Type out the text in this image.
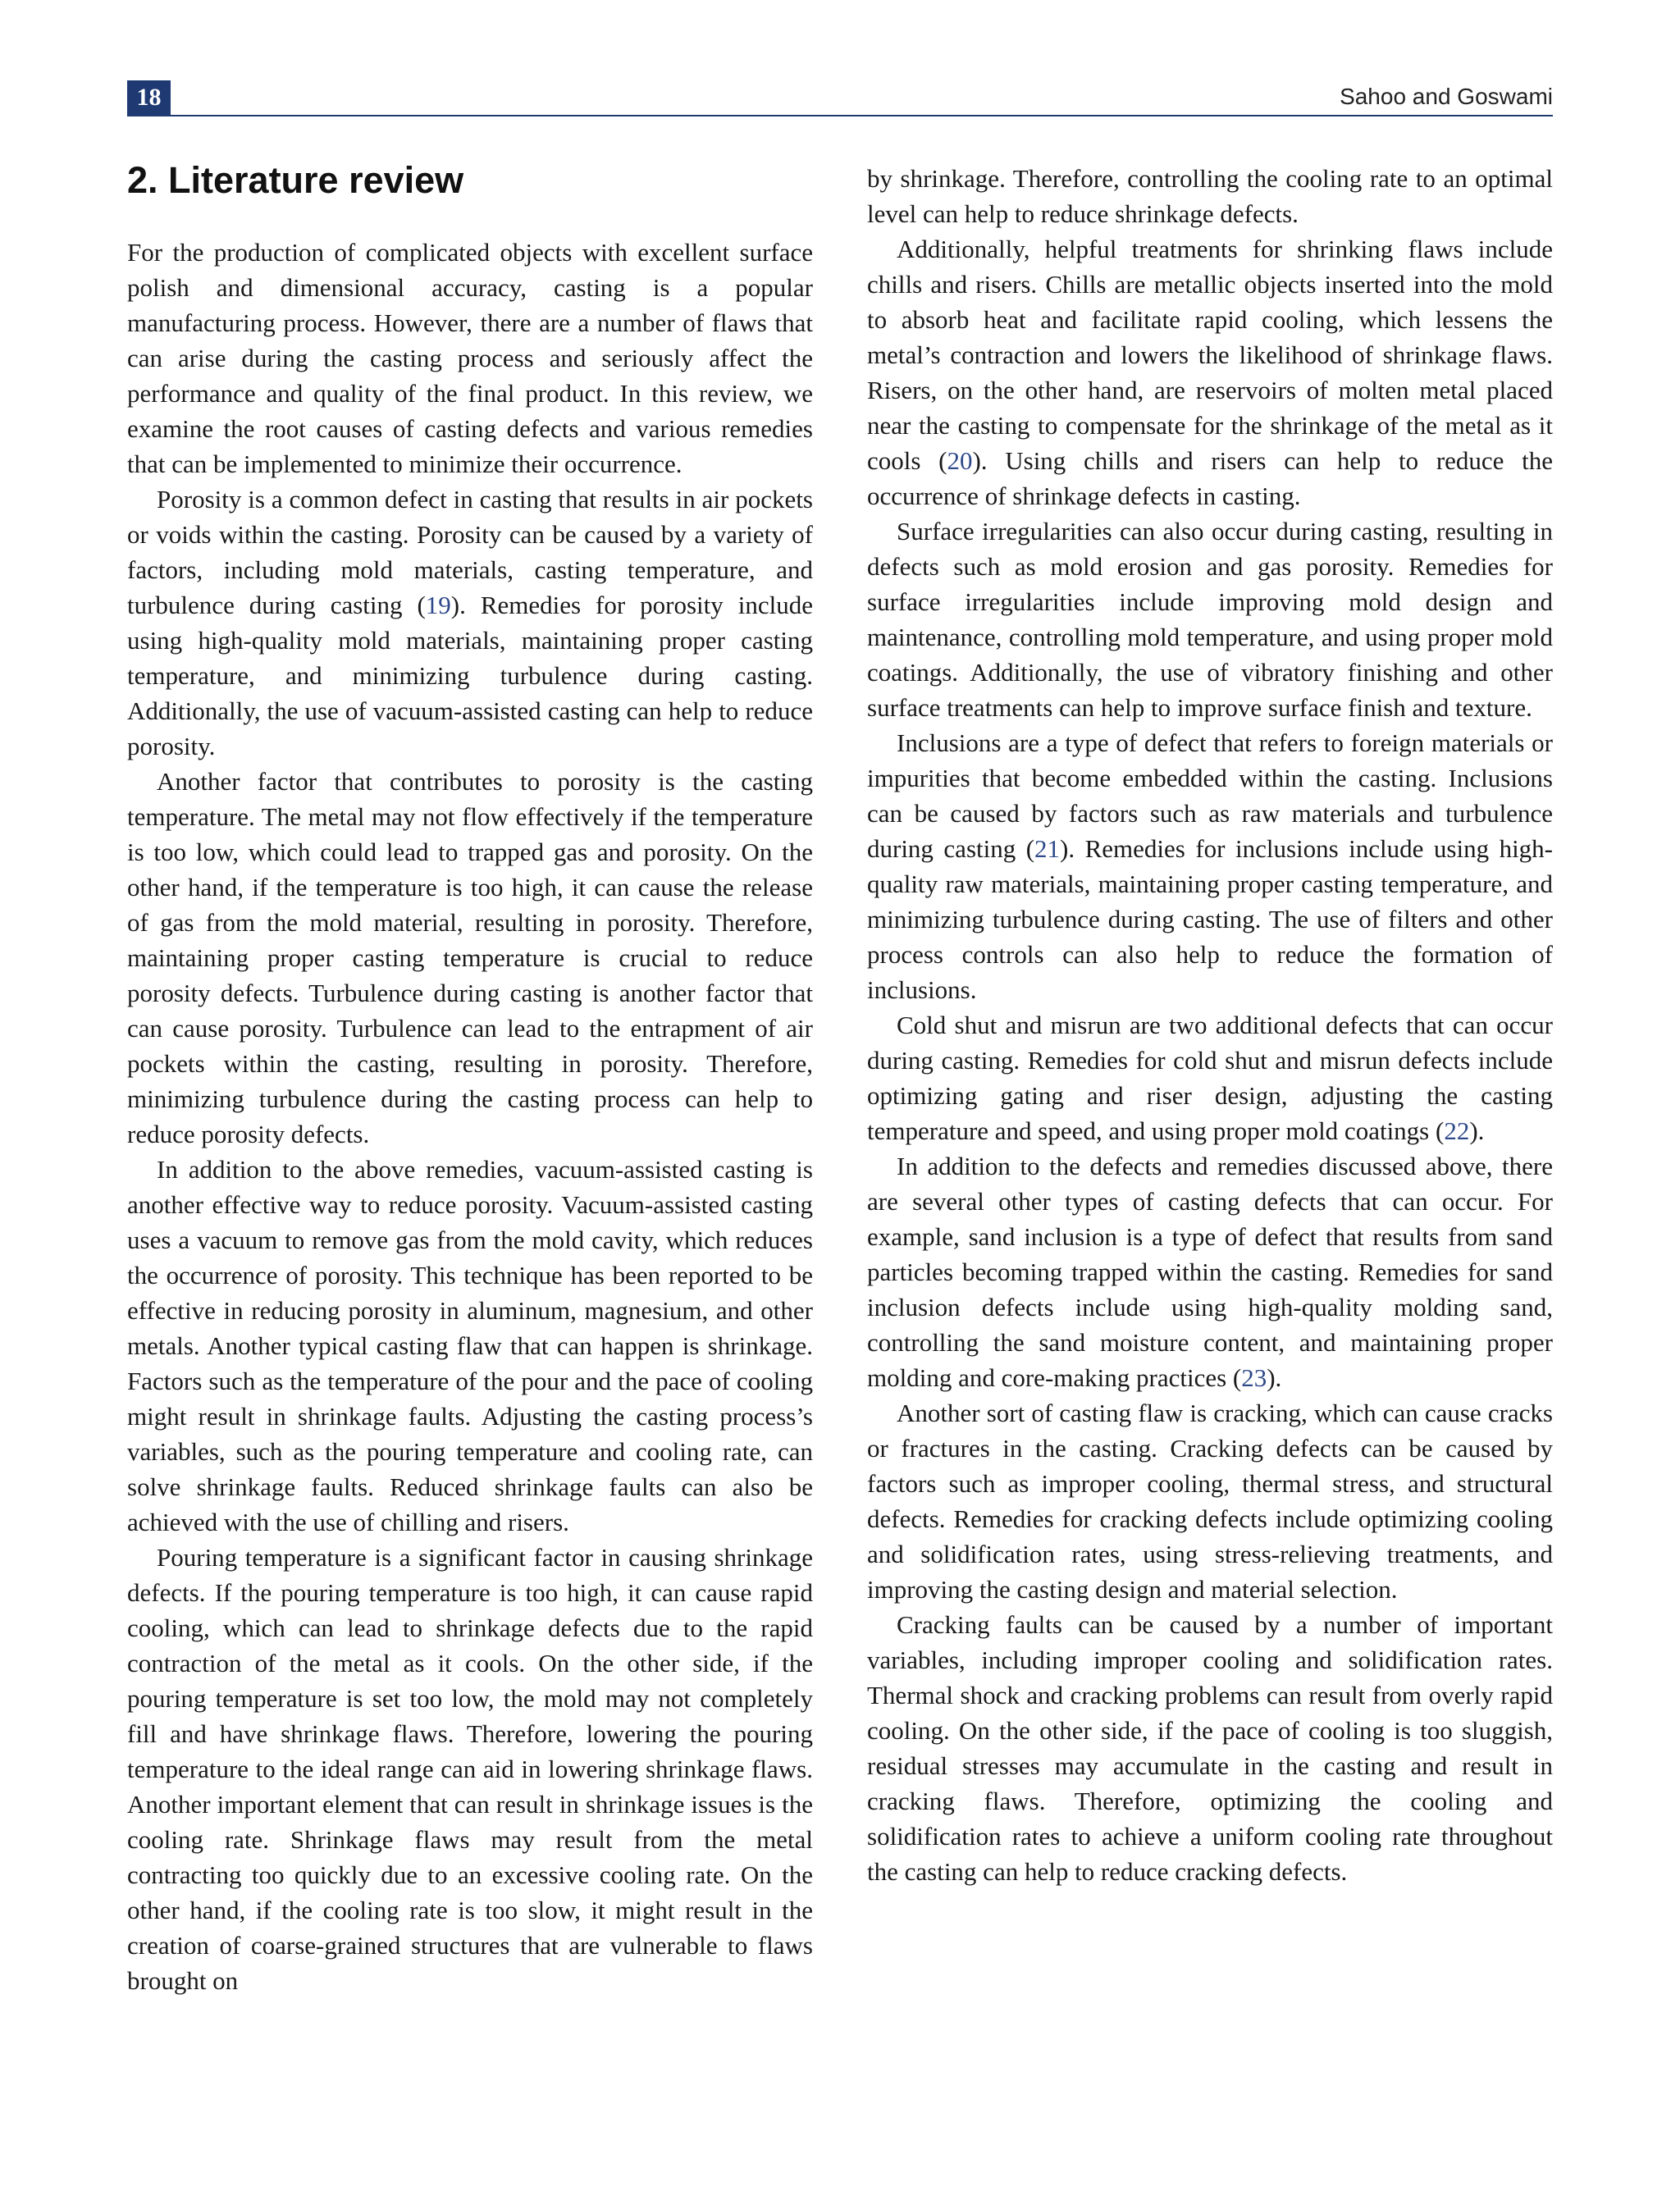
18	Sahoo and Goswami
2. Literature review

For the production of complicated objects with excellent surface polish and dimensional accuracy, casting is a popular manufacturing process. However, there are a number of flaws that can arise during the casting process and seriously affect the performance and quality of the final product. In this review, we examine the root causes of casting defects and various remedies that can be implemented to minimize their occurrence.

Porosity is a common defect in casting that results in air pockets or voids within the casting. Porosity can be caused by a variety of factors, including mold materials, casting temperature, and turbulence during casting (19). Remedies for porosity include using high-quality mold materials, maintaining proper casting temperature, and minimizing turbulence during casting. Additionally, the use of vacuum-assisted casting can help to reduce porosity.

Another factor that contributes to porosity is the casting temperature. The metal may not flow effectively if the temperature is too low, which could lead to trapped gas and porosity. On the other hand, if the temperature is too high, it can cause the release of gas from the mold material, resulting in porosity. Therefore, maintaining proper casting temperature is crucial to reduce porosity defects. Turbulence during casting is another factor that can cause porosity. Turbulence can lead to the entrapment of air pockets within the casting, resulting in porosity. Therefore, minimizing turbulence during the casting process can help to reduce porosity defects.

In addition to the above remedies, vacuum-assisted casting is another effective way to reduce porosity. Vacuum-assisted casting uses a vacuum to remove gas from the mold cavity, which reduces the occurrence of porosity. This technique has been reported to be effective in reducing porosity in aluminum, magnesium, and other metals. Another typical casting flaw that can happen is shrinkage. Factors such as the temperature of the pour and the pace of cooling might result in shrinkage faults. Adjusting the casting process’s variables, such as the pouring temperature and cooling rate, can solve shrinkage faults. Reduced shrinkage faults can also be achieved with the use of chilling and risers.

Pouring temperature is a significant factor in causing shrinkage defects. If the pouring temperature is too high, it can cause rapid cooling, which can lead to shrinkage defects due to the rapid contraction of the metal as it cools. On the other side, if the pouring temperature is set too low, the mold may not completely fill and have shrinkage flaws. Therefore, lowering the pouring temperature to the ideal range can aid in lowering shrinkage flaws. Another important element that can result in shrinkage issues is the cooling rate. Shrinkage flaws may result from the metal contracting too quickly due to an excessive cooling rate. On the other hand, if the cooling rate is too slow, it might result in the creation of coarse-grained structures that are vulnerable to flaws brought on

by shrinkage. Therefore, controlling the cooling rate to an optimal level can help to reduce shrinkage defects.

Additionally, helpful treatments for shrinking flaws include chills and risers. Chills are metallic objects inserted into the mold to absorb heat and facilitate rapid cooling, which lessens the metal’s contraction and lowers the likelihood of shrinkage flaws. Risers, on the other hand, are reservoirs of molten metal placed near the casting to compensate for the shrinkage of the metal as it cools (20). Using chills and risers can help to reduce the occurrence of shrinkage defects in casting.

Surface irregularities can also occur during casting, resulting in defects such as mold erosion and gas porosity. Remedies for surface irregularities include improving mold design and maintenance, controlling mold temperature, and using proper mold coatings. Additionally, the use of vibratory finishing and other surface treatments can help to improve surface finish and texture.

Inclusions are a type of defect that refers to foreign materials or impurities that become embedded within the casting. Inclusions can be caused by factors such as raw materials and turbulence during casting (21). Remedies for inclusions include using high-quality raw materials, maintaining proper casting temperature, and minimizing turbulence during casting. The use of filters and other process controls can also help to reduce the formation of inclusions.

Cold shut and misrun are two additional defects that can occur during casting. Remedies for cold shut and misrun defects include optimizing gating and riser design, adjusting the casting temperature and speed, and using proper mold coatings (22).

In addition to the defects and remedies discussed above, there are several other types of casting defects that can occur. For example, sand inclusion is a type of defect that results from sand particles becoming trapped within the casting. Remedies for sand inclusion defects include using high-quality molding sand, controlling the sand moisture content, and maintaining proper molding and core-making practices (23).

Another sort of casting flaw is cracking, which can cause cracks or fractures in the casting. Cracking defects can be caused by factors such as improper cooling, thermal stress, and structural defects. Remedies for cracking defects include optimizing cooling and solidification rates, using stress-relieving treatments, and improving the casting design and material selection.

Cracking faults can be caused by a number of important variables, including improper cooling and solidification rates. Thermal shock and cracking problems can result from overly rapid cooling. On the other side, if the pace of cooling is too sluggish, residual stresses may accumulate in the casting and result in cracking flaws. Therefore, optimizing the cooling and solidification rates to achieve a uniform cooling rate throughout the casting can help to reduce cracking defects.
